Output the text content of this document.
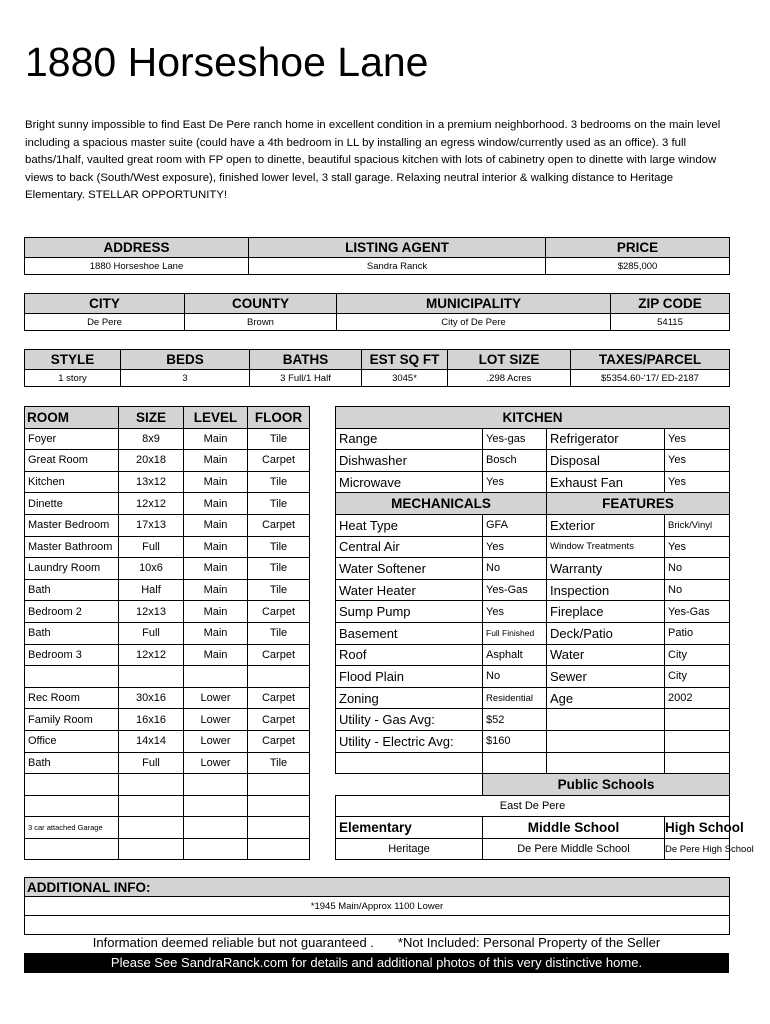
1880 Horseshoe Lane
Bright sunny impossible to find East De Pere ranch home in excellent condition in a premium neighborhood. 3 bedrooms on the main level including a spacious master suite (could have a 4th bedroom in LL by installing an egress window/currently used as an office). 3 full baths/1half, vaulted great room with FP open to dinette, beautiful spacious kitchen with lots of cabinetry open to dinette with large window views to back (South/West exposure), finished lower level, 3 stall garage. Relaxing neutral interior & walking distance to Heritage Elementary. STELLAR OPPORTUNITY!
ADDRESS	LISTING AGENT	PRICE
1880 Horseshoe Lane	Sandra Ranck	$285,000
CITY	COUNTY	MUNICIPALITY	ZIP CODE
De Pere	Brown	City of De Pere	54115
STYLE	BEDS	BATHS	EST SQ FT	LOT SIZE	TAXES/PARCEL
1 story	3	3 Full/1 Half	3045*	.298 Acres	$5354.60-'17/ ED-2187
ROOM	SIZE	LEVEL	FLOOR
Foyer	8x9	Main	Tile
Great Room	20x18	Main	Carpet
Kitchen	13x12	Main	Tile
Dinette	12x12	Main	Tile
Master Bedroom	17x13	Main	Carpet
Master Bathroom	Full	Main	Tile
Laundry Room	10x6	Main	Tile
Bath	Half	Main	Tile
Bedroom 2	12x13	Main	Carpet
Bath	Full	Main	Tile
Bedroom 3	12x12	Main	Carpet

Rec Room	30x16	Lower	Carpet
Family Room	16x16	Lower	Carpet
Office	14x14	Lower	Carpet
Bath	Full	Lower	Tile

3 car attached Garage			

KITCHEN			
Range	Yes-gas	Refrigerator	Yes
Dishwasher	Bosch	Disposal	Yes
Microwave	Yes	Exhaust Fan	Yes
MECHANICALS		FEATURES	
Heat Type	GFA	Exterior	Brick/Vinyl
Central Air	Yes	Window Treatments	Yes
Water Softener	No	Warranty	No
Water Heater	Yes-Gas	Inspection	No
Sump Pump	Yes	Fireplace	Yes-Gas
Basement	Full Finished	Deck/Patio	Patio
Roof	Asphalt	Water	City
Flood Plain	No	Sewer	City
Zoning	Residential	Age	2002
Utility - Gas Avg:	$52		
Utility - Electric Avg:	$160		

	Public Schools		
East De Pere			
Elementary	Middle School		High School
Heritage	De Pere Middle School		De Pere High School
ADDITIONAL INFO:
*1945 Main/Approx 1100 Lower

Information deemed reliable but not guaranteed . *Not Included: Personal Property of the Seller
Please See SandraRanck.com for details and additional photos of this very distinctive home.
